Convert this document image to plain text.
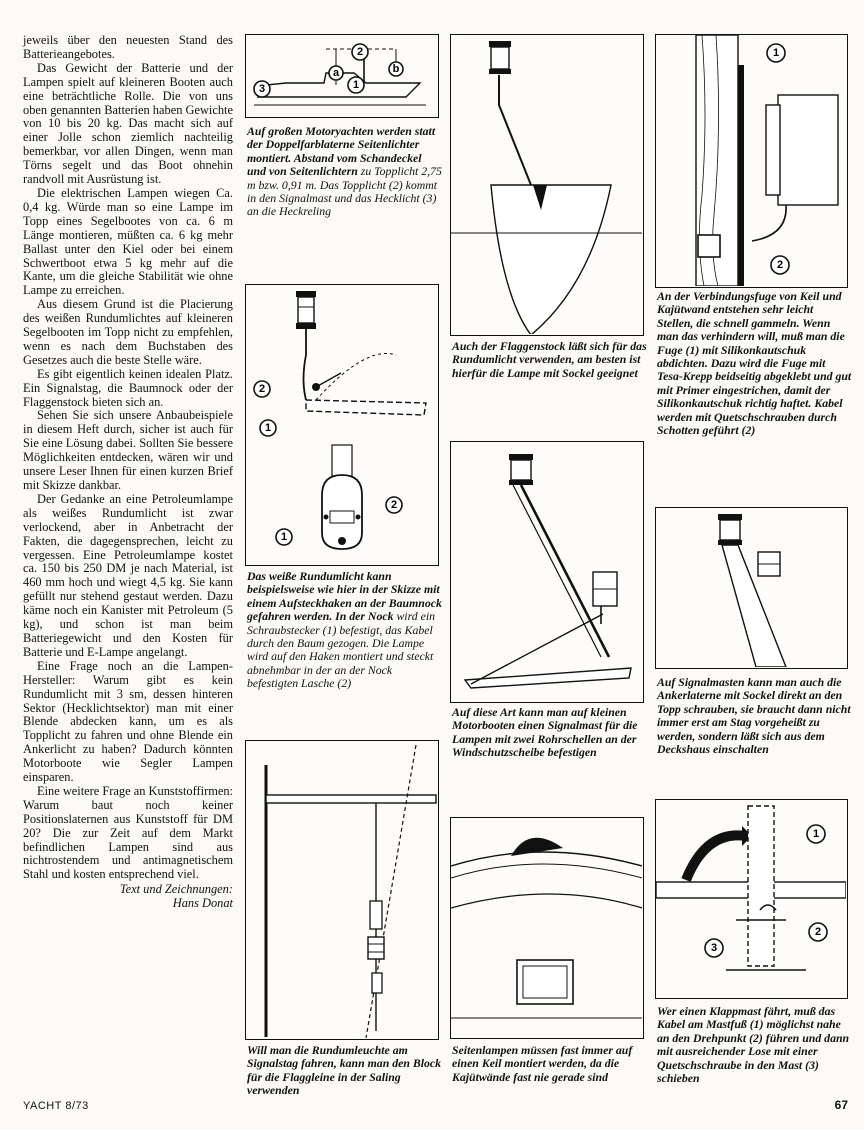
jeweils über den neuesten Stand des Batterieangebotes.

Das Gewicht der Batterie und der Lampen spielt auf kleineren Booten auch eine beträchtliche Rolle. Die von uns oben genannten Batterien haben Gewichte von 10 bis 20 kg. Das macht sich auf einer Jolle schon ziemlich nachteilig bemerkbar, vor allen Dingen, wenn man Törns segelt und das Boot ohnehin randvoll mit Ausrüstung ist.

Die elektrischen Lampen wiegen Ca. 0,4 kg. Würde man so eine Lampe im Topp eines Segelbootes von ca. 6 m Länge montieren, müßten ca. 6 kg mehr Ballast unter den Kiel oder bei einem Schwertboot etwa 5 kg mehr auf die Kante, um die gleiche Stabilität wie ohne Lampe zu erreichen.

Aus diesem Grund ist die Placierung des weißen Rundumlichtes auf kleineren Segelbooten im Topp nicht zu empfehlen, wenn es nach dem Buchstaben des Gesetzes auch die beste Stelle wäre.

Es gibt eigentlich keinen idealen Platz. Ein Signalstag, die Baumnock oder der Flaggenstock bieten sich an.

Sehen Sie sich unsere Anbaubeispiele in diesem Heft durch, sicher ist auch für Sie eine Lösung dabei. Sollten Sie bessere Möglichkeiten entdecken, wären wir und unsere Leser Ihnen für einen kurzen Brief mit Skizze dankbar.

Der Gedanke an eine Petroleumlampe als weißes Rundumlicht ist zwar verlockend, aber in Anbetracht der Fakten, die dagegensprechen, leicht zu vergessen. Eine Petroleumlampe kostet ca. 150 bis 250 DM je nach Material, ist 460 mm hoch und wiegt 4,5 kg. Sie kann gefüllt nur stehend gestaut werden. Dazu käme noch ein Kanister mit Petroleum (5 kg), und schon ist man beim Batteriegewicht und den Kosten für Batterie und E-Lampe angelangt.

Eine Frage noch an die Lampen-Hersteller: Warum gibt es kein Rundumlicht mit 3 sm, dessen hinteren Sektor (Hecklichtsektor) man mit einer Blende abdecken kann, um es als Topplicht zu fahren und ohne Blende ein Ankerlicht zu haben? Dadurch könnten Motorboote wie Segler Lampen einsparen.

Eine weitere Frage an Kunststoffirmen: Warum baut noch keiner Positionslaternen aus Kunststoff für DM 20? Die zur Zeit auf dem Markt befindlichen Lampen sind aus nichtrostendem und antimagnetischem Stahl und kosten entsprechend viel.

Text und Zeichnungen:
Hans Donat

2
1
a	b
3
Auf großen Motoryachten werden statt der Doppelfarblaterne Seitenlichter montiert. Abstand vom Schandeckel und von Seitenlichtern zu Topplicht 2,75 m bzw. 0,91 m. Das Topplicht (2) kommt in den Signalmast und das Hecklicht (3) an die Heckreling
2
1
2
1
Das weiße Rundumlicht kann beispielsweise wie hier in der Skizze mit einem Aufsteckhaken an der Baumnock gefahren werden. In der Nock wird ein Schraubstecker (1) befestigt, das Kabel durch den Baum gezogen. Die Lampe wird auf den Haken montiert und steckt abnehmbar in der an der Nock befestigten Lasche (2)
Will man die Rundumleuchte am Signalstag fahren, kann man den Block für die Flaggleine in der Saling verwenden
Auch der Flaggenstock läßt sich für das Rundumlicht verwenden, am besten ist hierfür die Lampe mit Sockel geeignet
Auf diese Art kann man auf kleinen Motorbooten einen Signalmast für die Lampen mit zwei Rohrschellen an der Windschutzscheibe befestigen
Seitenlampen müssen fast immer auf einen Keil montiert werden, da die Kajütwände fast nie gerade sind
1
2
An der Verbindungsfuge von Keil und Kajütwand entstehen sehr leicht Stellen, die schnell gammeln. Wenn man das verhindern will, muß man die Fuge (1) mit Silikonkautschuk abdichten. Dazu wird die Fuge mit Tesa-Krepp beidseitig abgeklebt und gut mit Primer eingestrichen, damit der Silikonkautschuk richtig haftet. Kabel werden mit Quetschschrauben durch Schotten geführt (2)
Auf Signalmasten kann man auch die Ankerlaterne mit Sockel direkt an den Topp schrauben, sie braucht dann nicht immer erst am Stag vorgeheißt zu werden, sondern läßt sich aus dem Deckshaus einschalten
1
2
3
Wer einen Klappmast fährt, muß das Kabel am Mastfuß (1) möglichst nahe an den Drehpunkt (2) führen und dann mit ausreichender Lose mit einer Quetschschraube in den Mast (3) schieben
YACHT 8/73	67
